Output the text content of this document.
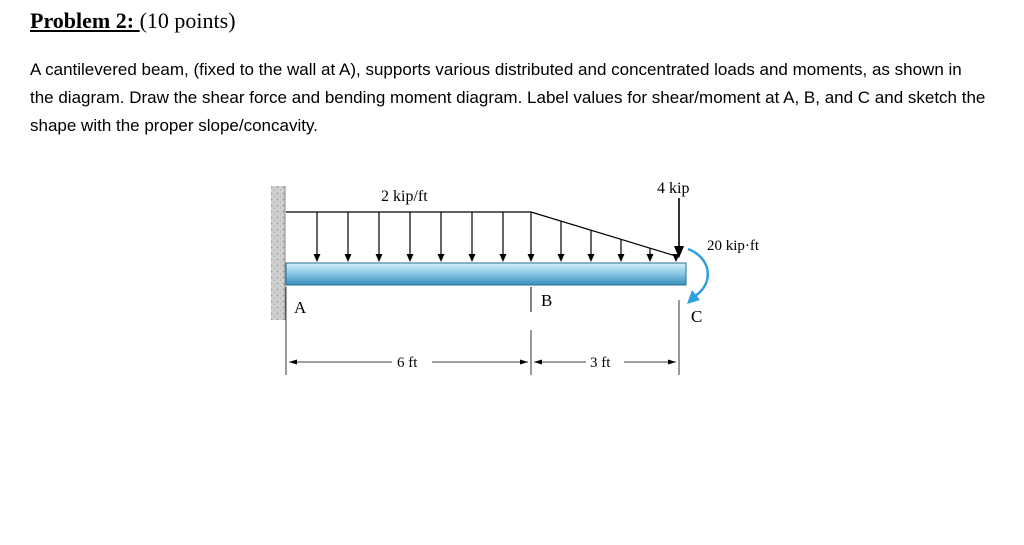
Problem 2: (10 points)
A cantilevered beam, (fixed to the wall at A), supports various distributed and concentrated loads and moments, as shown in the diagram. Draw the shear force and bending moment diagram. Label values for shear/moment at A, B, and C and sketch the shape with the proper slope/concavity.
2 kip/ft	4 kip
20 kip·ft
A	B
C
6 ft	3 ft
